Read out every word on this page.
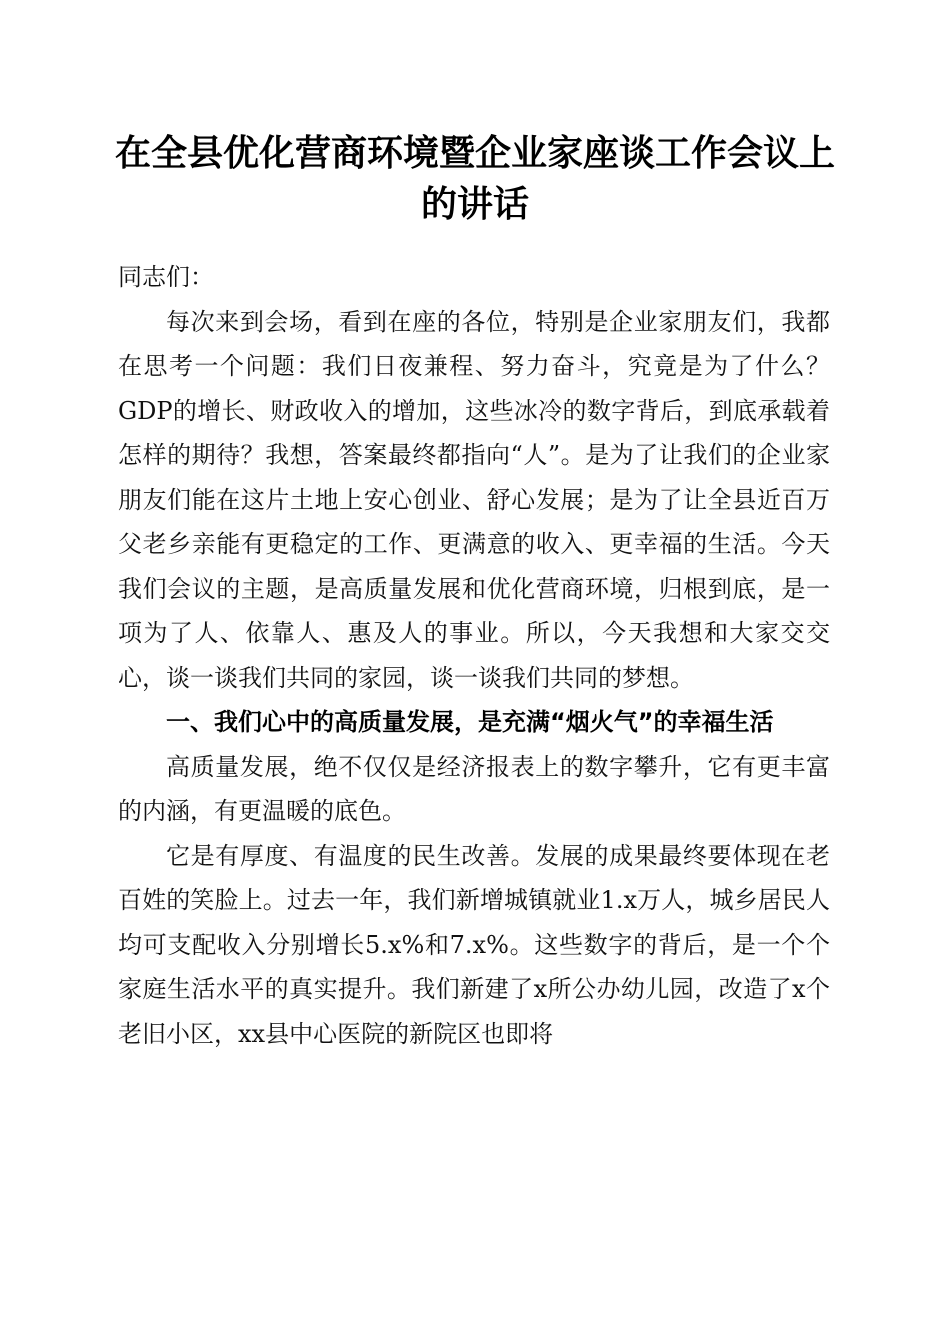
在全县优化营商环境暨企业家座谈工作会议上的讲话

同志们：

每次来到会场，看到在座的各位，特别是企业家朋友们，我都在思考一个问题：我们日夜兼程、努力奋斗，究竟是为了什么？GDP的增长、财政收入的增加，这些冰冷的数字背后，到底承载着怎样的期待？我想，答案最终都指向“人”。是为了让我们的企业家朋友们能在这片土地上安心创业、舒心发展；是为了让全县近百万父老乡亲能有更稳定的工作、更满意的收入、更幸福的生活。今天我们会议的主题，是高质量发展和优化营商环境，归根到底，是一项为了人、依靠人、惠及人的事业。所以，今天我想和大家交交心，谈一谈我们共同的家园，谈一谈我们共同的梦想。

一、我们心中的高质量发展，是充满“烟火气”的幸福生活

高质量发展，绝不仅仅是经济报表上的数字攀升，它有更丰富的内涵，有更温暖的底色。

它是有厚度、有温度的民生改善。发展的成果最终要体现在老百姓的笑脸上。过去一年，我们新增城镇就业1.x万人，城乡居民人均可支配收入分别增长5.x%和7.x%。这些数字的背后，是一个个家庭生活水平的真实提升。我们新建了x所公办幼儿园，改造了x个老旧小区，xx县中心医院的新院区也即将
